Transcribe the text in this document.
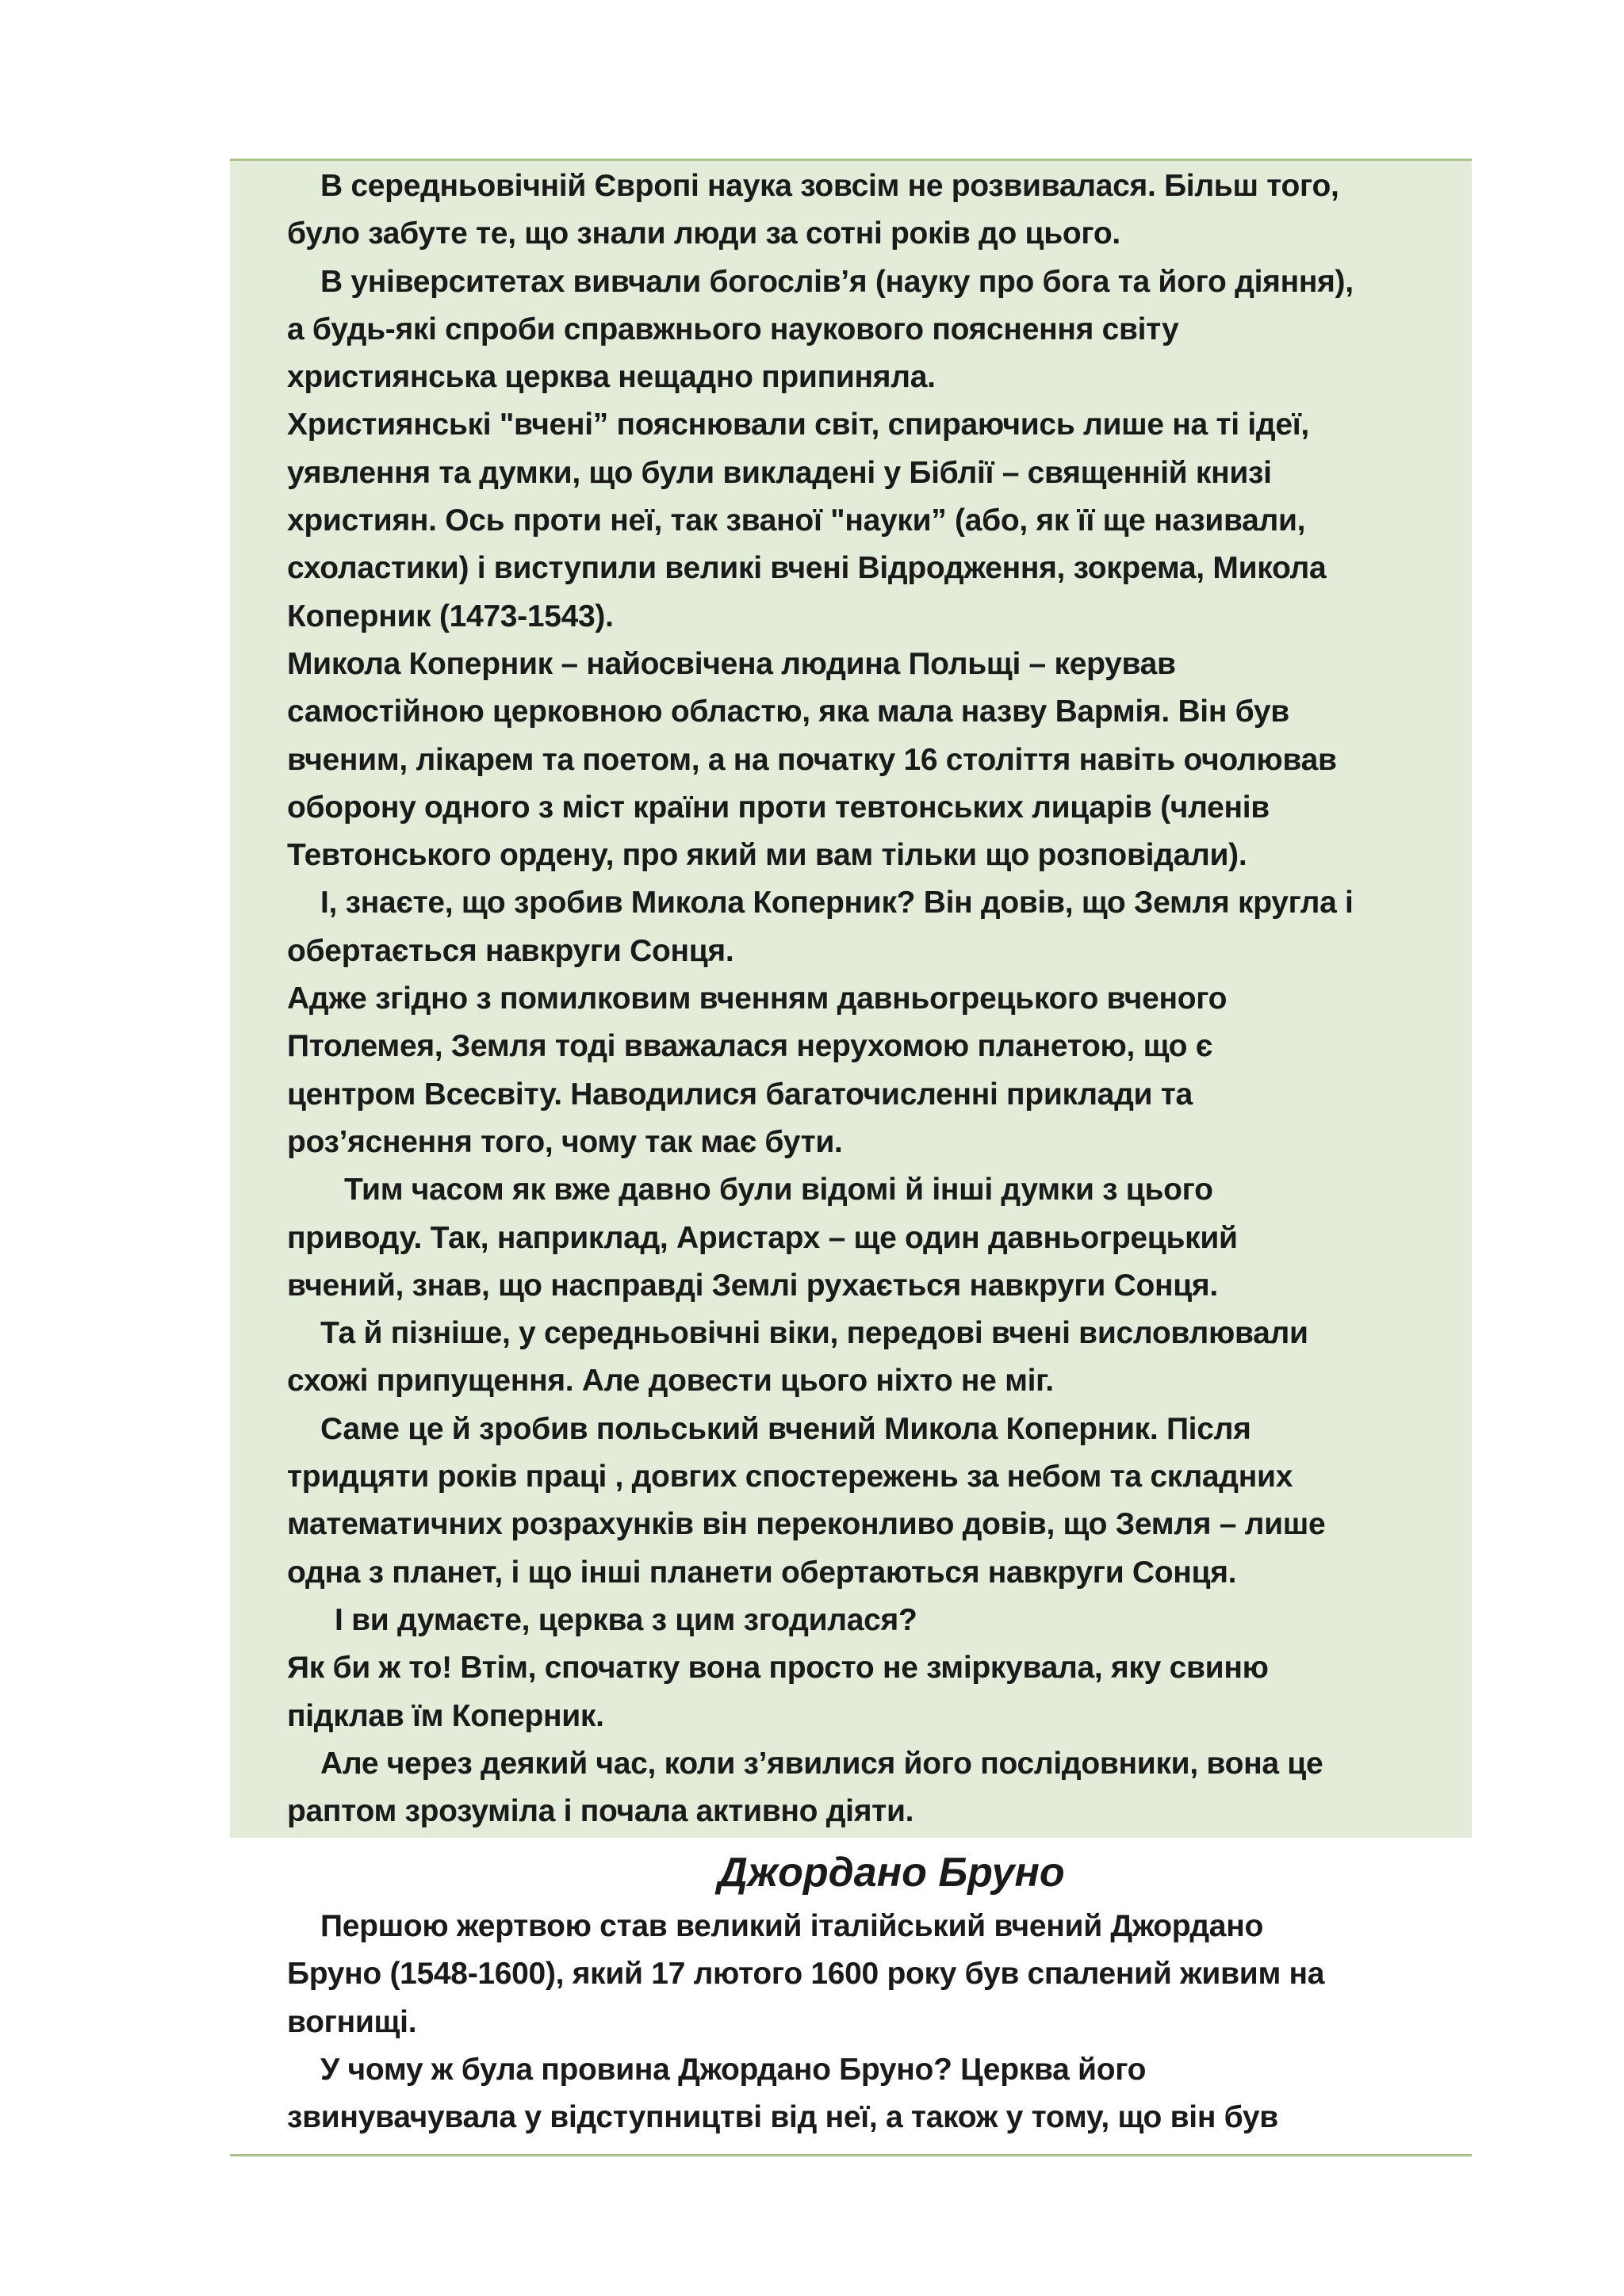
В середньовічній Європі наука зовсім не розвивалася. Більш того,
було забуте те, що знали люди за сотні років до цього.
В університетах вивчали богослів’я (науку про бога та його діяння),
а будь-які спроби справжнього наукового пояснення світу
християнська церква нещадно припиняла.
Християнські "вчені” пояснювали світ, спираючись лише на ті ідеї,
уявлення та думки, що були викладені у Біблії – священній книзі
християн. Ось проти неї, так званої "науки” (або, як її ще називали,
схоластики) і виступили великі вчені Відродження, зокрема, Микола
Коперник (1473-1543).
Микола Коперник – найосвічена людина Польщі – керував
самостійною церковною областю, яка мала назву Вармія. Він був
вченим, лікарем та поетом, а на початку 16 століття навіть очолював
оборону одного з міст країни проти тевтонських лицарів (членів
Тевтонського ордену, про який ми вам тільки що розповідали).
І, знаєте, що зробив Микола Коперник? Він довів, що Земля кругла і
обертається навкруги Сонця.
Адже згідно з помилковим вченням давньогрецького вченого
Птолемея, Земля тоді вважалася нерухомою планетою, що є
центром Всесвіту. Наводилися багаточисленні приклади та
роз’яснення того, чому так має бути.
Тим часом як вже давно були відомі й інші думки з цього
приводу. Так, наприклад, Аристарх – ще один давньогрецький
вчений, знав, що насправді Землі рухається навкруги Сонця.
Та й пізніше, у середньовічні віки, передові вчені висловлювали
схожі припущення. Але довести цього ніхто не міг.
Саме це й зробив польський вчений Микола Коперник. Після
тридцяти років праці , довгих спостережень за небом та складних
математичних розрахунків він переконливо довів, що Земля – лише
одна з планет, і що інші планети обертаються навкруги Сонця.
І ви думаєте, церква з цим згодилася?
Як би ж то! Втім, спочатку вона просто не зміркувала, яку свиню
підклав їм Коперник.
Але через деякий час, коли з’явилися його послідовники, вона це
раптом зрозуміла і почала активно діяти.
Джордано Бруно
Першою жертвою став великий італійський вчений Джордано
Бруно (1548-1600), який 17 лютого 1600 року був спалений живим на
вогнищі.
У чому ж була провина Джордано Бруно? Церква його
звинувачувала у відступництві від неї, а також у тому, що він був
